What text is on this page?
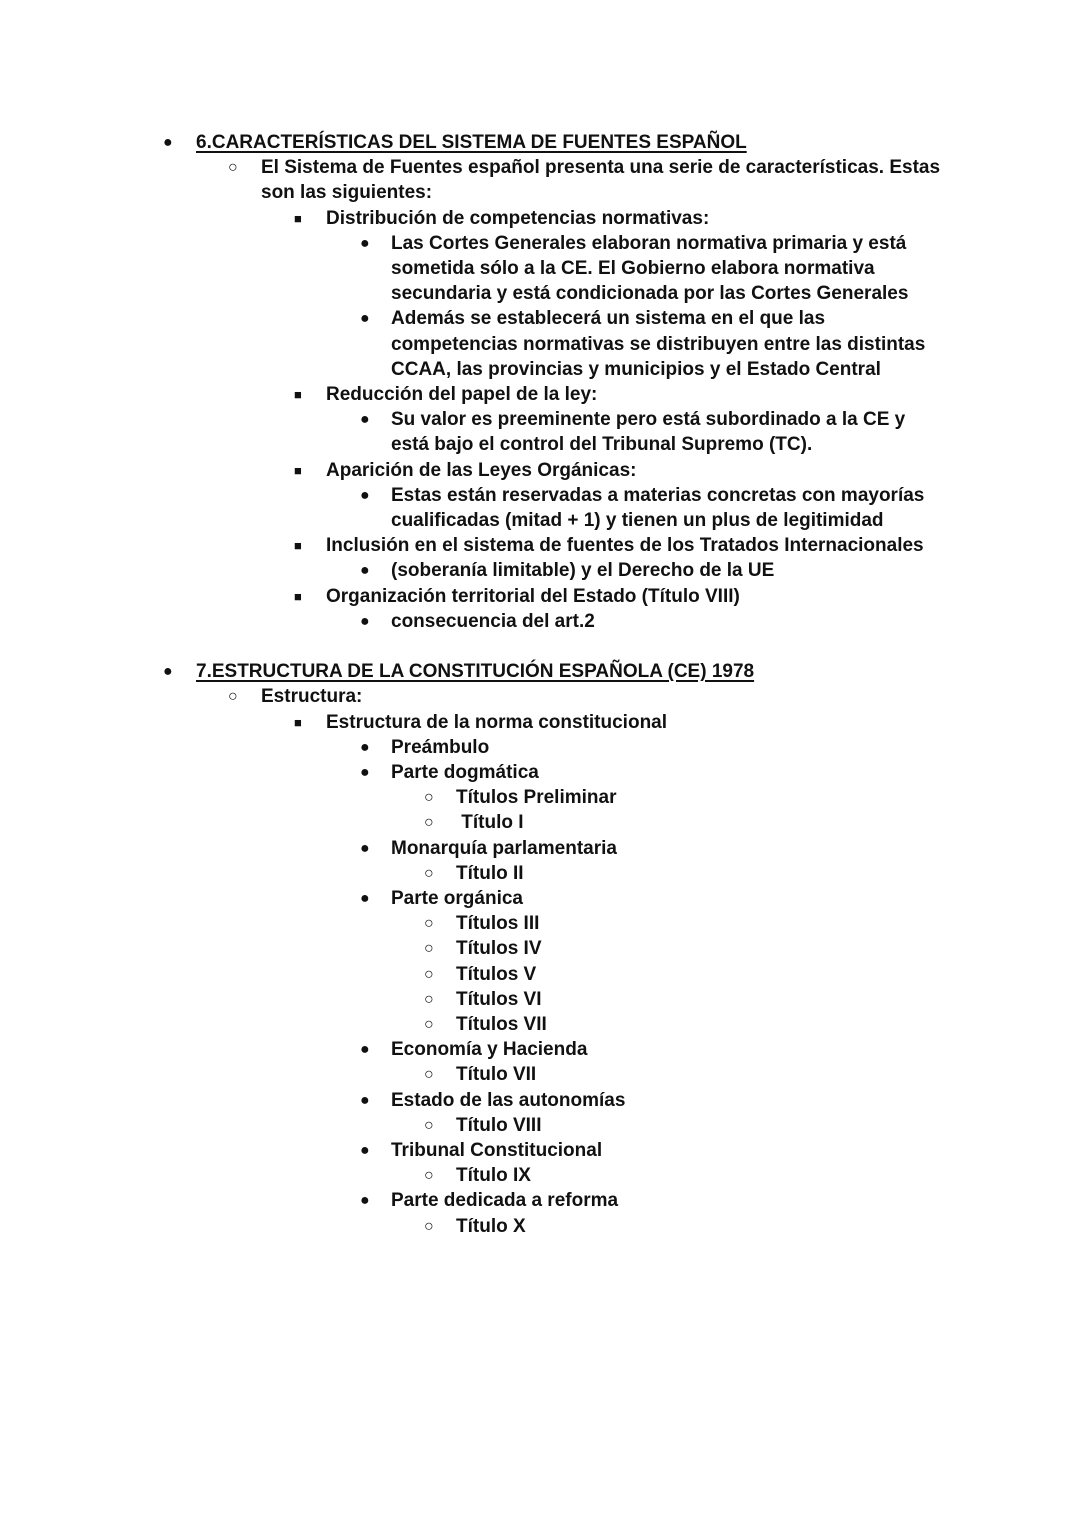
● 6.CARACTERÍSTICAS DEL SISTEMA DE FUENTES ESPAÑOL
○ El Sistema de Fuentes español presenta una serie de características. Estas
son las siguientes:
■ Distribución de competencias normativas:
● Las Cortes Generales elaboran normativa primaria y está
sometida sólo a la CE. El Gobierno elabora normativa
secundaria y está condicionada por las Cortes Generales
● Además se establecerá un sistema en el que las
competencias normativas se distribuyen entre las distintas
CCAA, las provincias y municipios y el Estado Central
■ Reducción del papel de la ley:
● Su valor es preeminente pero está subordinado a la CE y
está bajo el control del Tribunal Supremo (TC).
■ Aparición de las Leyes Orgánicas:
● Estas están reservadas a materias concretas con mayorías
cualificadas (mitad + 1) y tienen un plus de legitimidad
■ Inclusión en el sistema de fuentes de los Tratados Internacionales
● (soberanía limitable) y el Derecho de la UE
■ Organización territorial del Estado (Título VIII)
● consecuencia del art.2
● 7.ESTRUCTURA DE LA CONSTITUCIÓN ESPAÑOLA (CE) 1978
○ Estructura:
■ Estructura de la norma constitucional
● Preámbulo
● Parte dogmática
○ Títulos Preliminar
○ Título I
● Monarquía parlamentaria
○ Título II
● Parte orgánica
○ Títulos III
○ Títulos IV
○ Títulos V
○ Títulos VI
○ Títulos VII
● Economía y Hacienda
○ Título VII
● Estado de las autonomías
○ Título VIII
● Tribunal Constitucional
○ Título IX
● Parte dedicada a reforma
○ Título X
